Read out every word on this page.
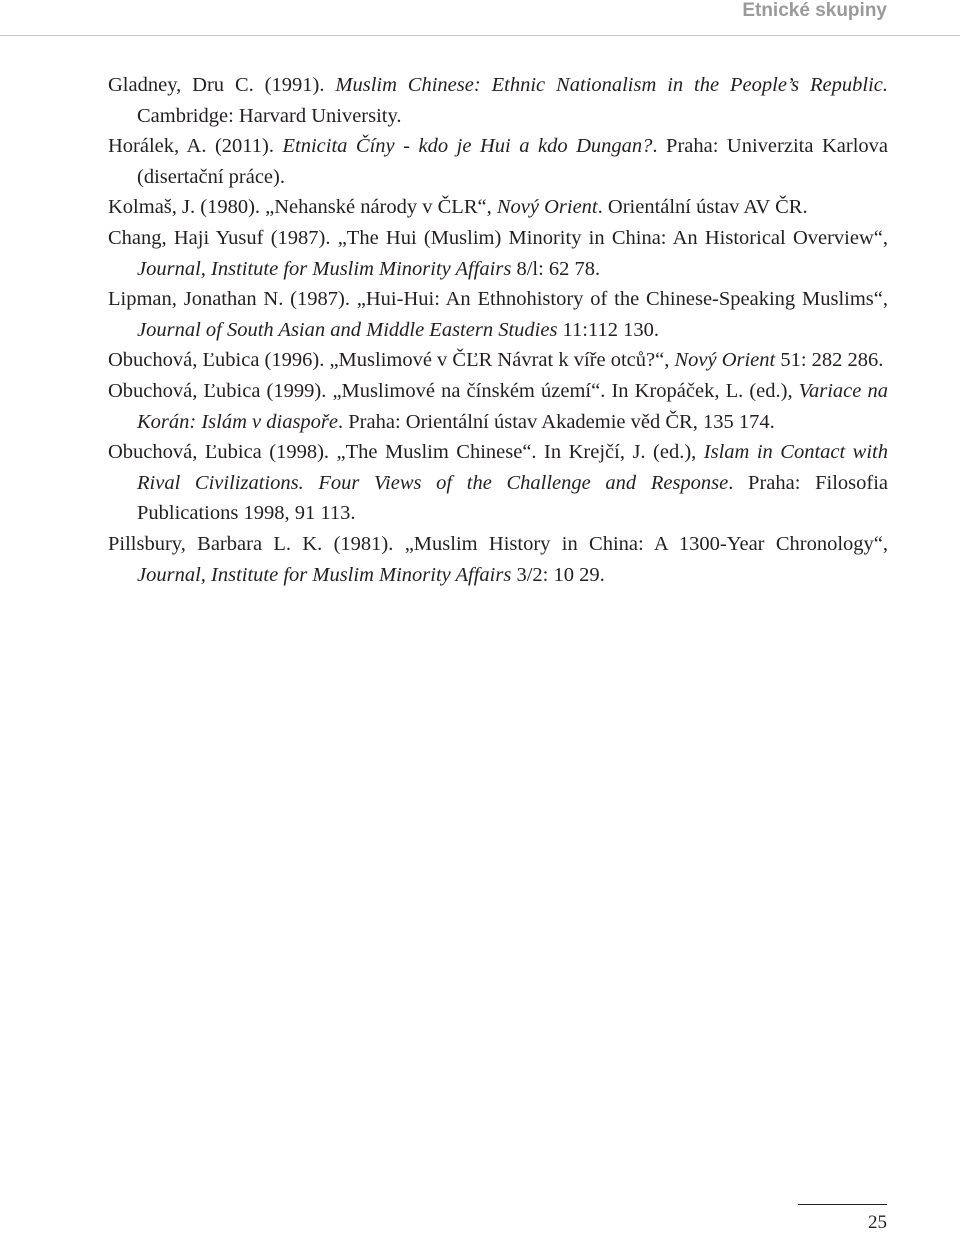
Etnické skupiny

Gladney, Dru C. (1991). Muslim Chinese: Ethnic Nationalism in the People’s Republic. Cambridge: Harvard University.

Horálek, A. (2011). Etnicita Číny - kdo je Hui a kdo Dungan?. Praha: Univerzita Karlova (disertační práce).

Kolmaš, J. (1980). „Nehanské národy v ČLR“, Nový Orient. Orientální ústav AV ČR.

Chang, Haji Yusuf (1987). „The Hui (Muslim) Minority in China: An Historical Overview“, Journal, Institute for Muslim Minority Affairs 8/l: 62 78.

Lipman, Jonathan N. (1987). „Hui-Hui: An Ethnohistory of the Chinese-Speaking Muslims“, Journal of South Asian and Middle Eastern Studies 11:112 130.

Obuchová, Ľubica (1996). „Muslimové v ČĽR Návrat k víře otců?“, Nový Orient 51: 282 286.

Obuchová, Ľubica (1999). „Muslimové na čínském území“. In Kropáček, L. (ed.), Variace na Korán: Islám v diaspoře. Praha: Orientální ústav Akademie věd ČR, 135 174.

Obuchová, Ľubica (1998). „The Muslim Chinese“. In Krejčí, J. (ed.), Islam in Contact with Rival Civilizations. Four Views of the Challenge and Response. Praha: Filosofia Publications 1998, 91 113.

Pillsbury, Barbara L. K. (1981). „Muslim History in China: A 1300-Year Chronology“, Journal, Institute for Muslim Minority Affairs 3/2: 10 29.

25
